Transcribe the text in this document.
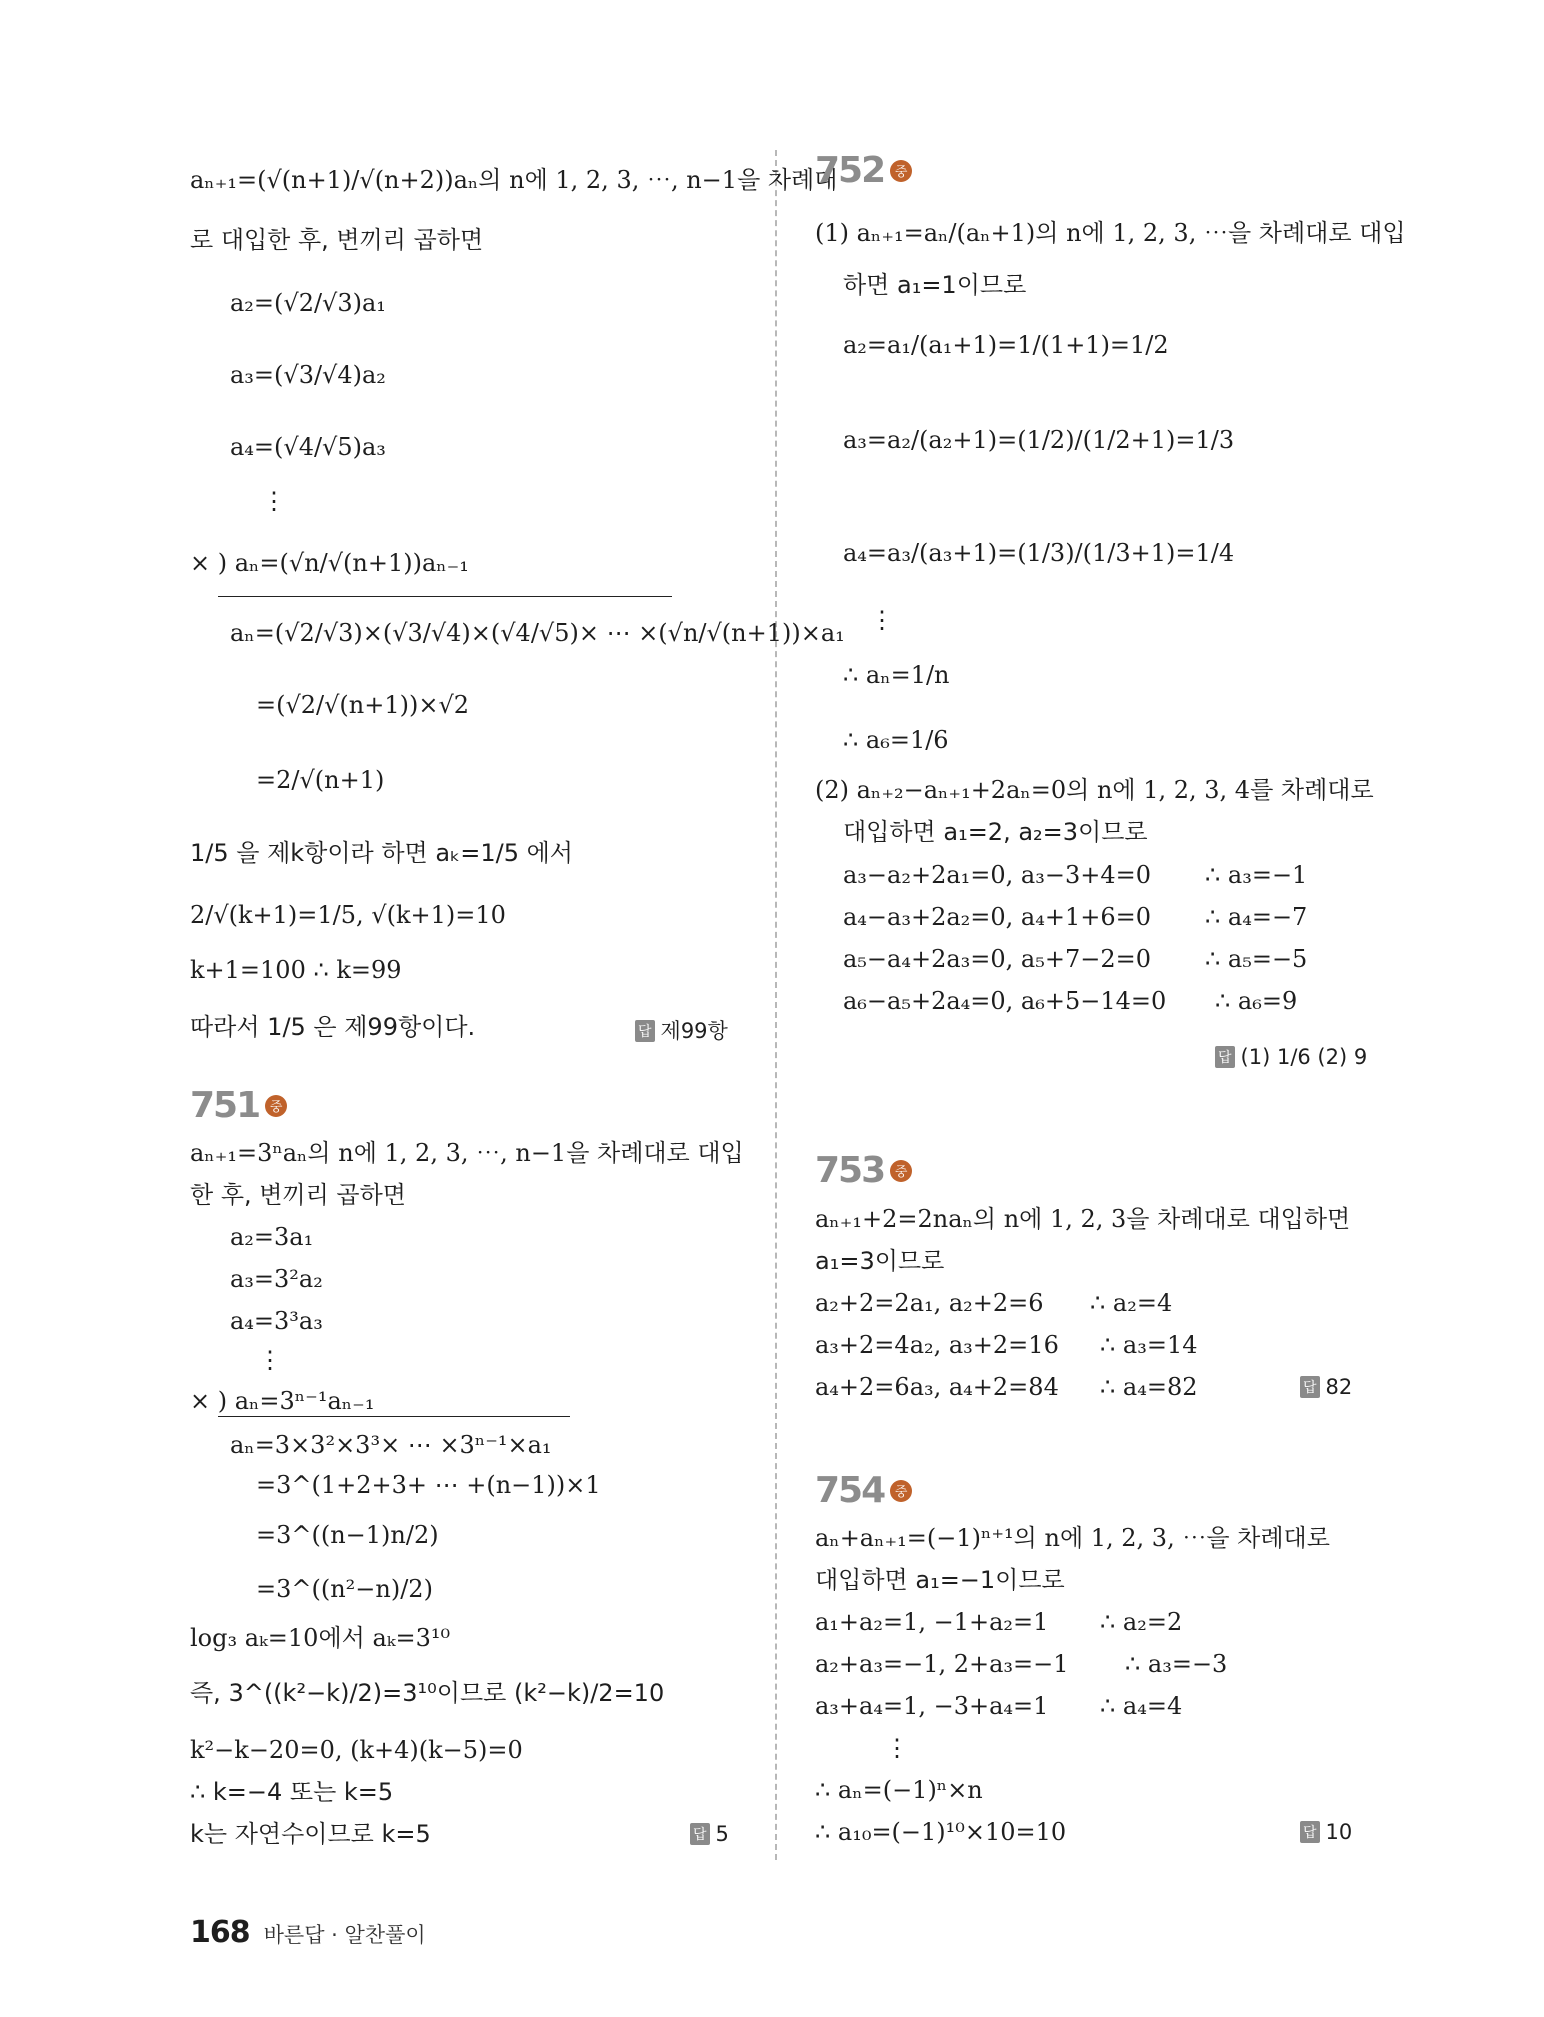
aₙ₊₁=(√(n+1)/√(n+2))aₙ의 n에 1, 2, 3, ⋯, n−1을 차례대
로 대입한 후, 변끼리 곱하면
a₂=(√2/√3)a₁
a₃=(√3/√4)a₂
a₄=(√4/√5)a₃
⋮
× ) aₙ=(√n/√(n+1))aₙ₋₁
aₙ=(√2/√3)×(√3/√4)×(√4/√5)× ⋯ ×(√n/√(n+1))×a₁
=(√2/√(n+1))×√2
=2/√(n+1)
1/5 을 제k항이라 하면 aₖ=1/5 에서
2/√(k+1)=1/5, √(k+1)=10
k+1=100 ∴ k=99
따라서 1/5 은 제99항이다.	답 제99항
751 중
aₙ₊₁=3ⁿaₙ의 n에 1, 2, 3, ⋯, n−1을 차례대로 대입
한 후, 변끼리 곱하면
a₂=3a₁
a₃=3²a₂
a₄=3³a₃
⋮
× ) aₙ=3ⁿ⁻¹aₙ₋₁
aₙ=3×3²×3³× ⋯ ×3ⁿ⁻¹×a₁
=3^(1+2+3+ ⋯ +(n−1))×1
=3^((n−1)n/2)
=3^((n²−n)/2)
log₃ aₖ=10에서 aₖ=3¹⁰
즉, 3^((k²−k)/2)=3¹⁰이므로 (k²−k)/2=10
k²−k−20=0, (k+4)(k−5)=0
∴ k=−4 또는 k=5
k는 자연수이므로 k=5	답 5
752 중
(1) aₙ₊₁=aₙ/(aₙ+1)의 n에 1, 2, 3, ⋯을 차례대로 대입
하면 a₁=1이므로
a₂=a₁/(a₁+1)=1/(1+1)=1/2
a₃=a₂/(a₂+1)=(1/2)/(1/2+1)=1/3
a₄=a₃/(a₃+1)=(1/3)/(1/3+1)=1/4
⋮
∴ aₙ=1/n
∴ a₆=1/6
(2) aₙ₊₂−aₙ₊₁+2aₙ=0의 n에 1, 2, 3, 4를 차례대로
대입하면 a₁=2, a₂=3이므로
a₃−a₂+2a₁=0, a₃−3+4=0 ∴ a₃=−1
a₄−a₃+2a₂=0, a₄+1+6=0 ∴ a₄=−7
a₅−a₄+2a₃=0, a₅+7−2=0 ∴ a₅=−5
a₆−a₅+2a₄=0, a₆+5−14=0 ∴ a₆=9
답 (1) 1/6 (2) 9
753 중
aₙ₊₁+2=2naₙ의 n에 1, 2, 3을 차례대로 대입하면
a₁=3이므로
a₂+2=2a₁, a₂+2=6 ∴ a₂=4
a₃+2=4a₂, a₃+2=16 ∴ a₃=14
a₄+2=6a₃, a₄+2=84 ∴ a₄=82	답 82
754 중
aₙ+aₙ₊₁=(−1)ⁿ⁺¹의 n에 1, 2, 3, ⋯을 차례대로
대입하면 a₁=−1이므로
a₁+a₂=1, −1+a₂=1 ∴ a₂=2
a₂+a₃=−1, 2+a₃=−1 ∴ a₃=−3
a₃+a₄=1, −3+a₄=1 ∴ a₄=4
⋮
∴ aₙ=(−1)ⁿ×n
∴ a₁₀=(−1)¹⁰×10=10	답 10
168 바른답 · 알찬풀이
